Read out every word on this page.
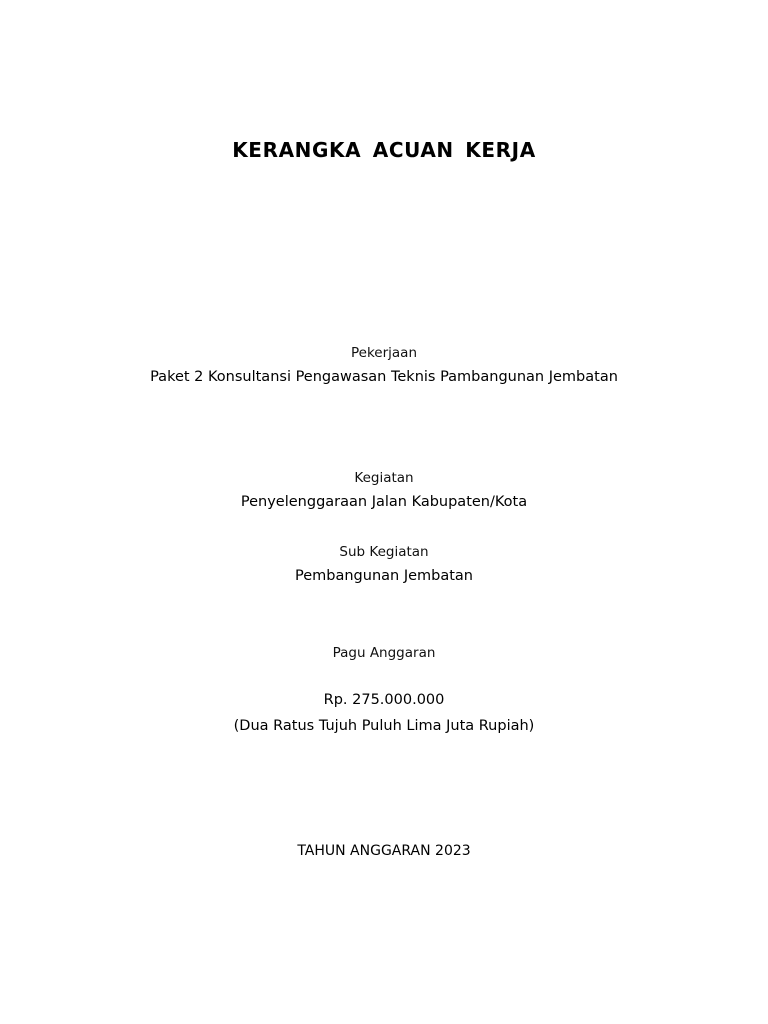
KERANGKA ACUAN KERJA
Pekerjaan
Paket 2 Konsultansi Pengawasan Teknis Pambangunan Jembatan
Kegiatan
Penyelenggaraan Jalan Kabupaten/Kota
Sub Kegiatan
Pembangunan Jembatan
Pagu Anggaran
Rp. 275.000.000
(Dua Ratus Tujuh Puluh Lima Juta Rupiah)
TAHUN ANGGARAN 2023
